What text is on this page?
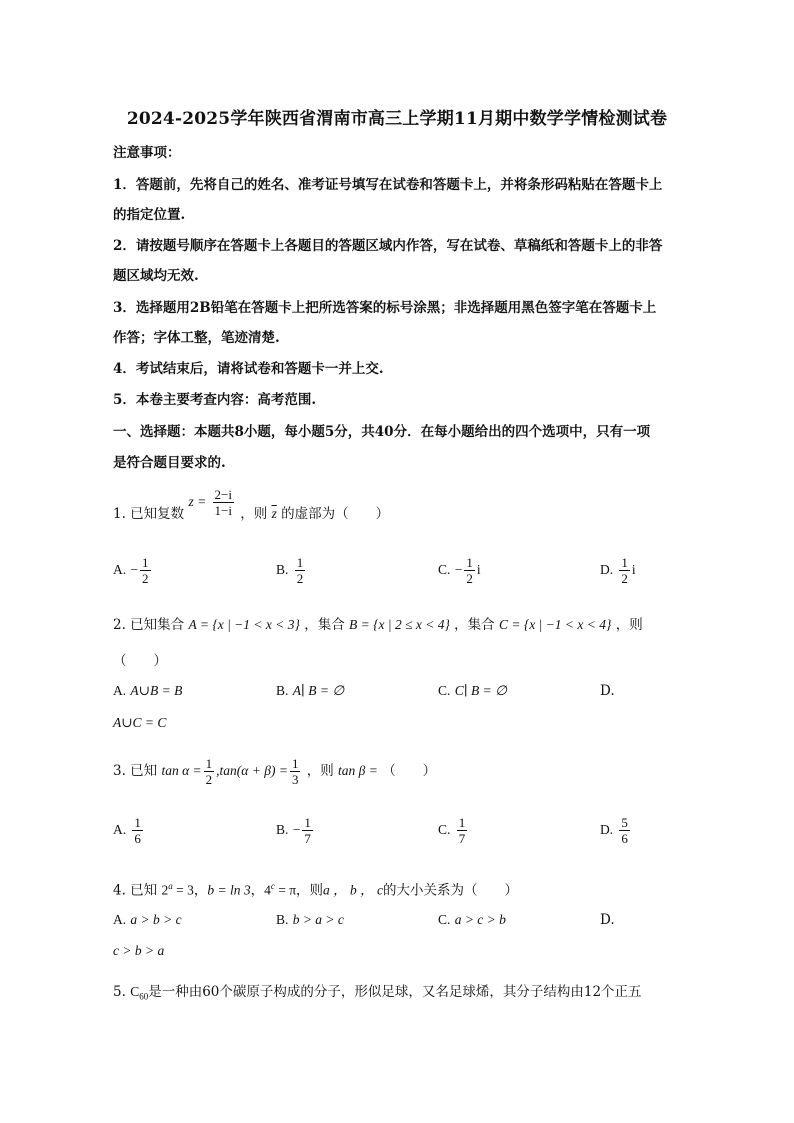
2024-2025学年陕西省渭南市高三上学期11月期中数学学情检测试卷
注意事项：
1．答题前，先将自己的姓名、准考证号填写在试卷和答题卡上，并将条形码粘贴在答题卡上
的指定位置.
2．请按题号顺序在答题卡上各题目的答题区域内作答，写在试卷、草稿纸和答题卡上的非答
题区域均无效.
3．选择题用2B铅笔在答题卡上把所选答案的标号涂黑；非选择题用黑色签字笔在答题卡上
作答；字体工整，笔迹清楚.
4．考试结束后，请将试卷和答题卡一并上交.
5．本卷主要考查内容：高考范围.
一、选择题：本题共8小题，每小题5分，共40分．在每小题给出的四个选项中，只有一项
是符合题目要求的.
1. 已知复数 $z = \frac{2-i}{1-i}$ ，则 $\overline{z}$ 的虚部为（　　）
A. − $\frac{1}{2}$	B. $\frac{1}{2}$	C. − $\frac{1}{2}$ i	D. $\frac{1}{2}$ i
2. 已知集合 A = {x | −1 < x < 3} ，集合 B = {x | 2 ≤ x < 4} ，集合 C = {x | −1 < x < 4} ，则
（　　）
A. A∪B = B	B. A∣ B = ∅	C. C∣ B = ∅	D.
A∪C = C
3. 已知 $\tan \alpha = \frac{1}{2} ,\tan(\alpha + \beta) = \frac{1}{3}$ ，则 tan β = （　　）
A. $\frac{1}{6}$	B. − $\frac{1}{7}$	C. $\frac{1}{7}$	D. $\frac{5}{6}$
4. 已知 $2^a = 3$，b = ln 3，$4^c = \pi$，则a ， b ， c的大小关系为（　　）
A. a > b > c	B. b > a > c	C. a > c > b	D.
c > b > a
5. $C_{60}$是一种由60个碳原子构成的分子，形似足球，又名足球烯，其分子结构由12个正五
